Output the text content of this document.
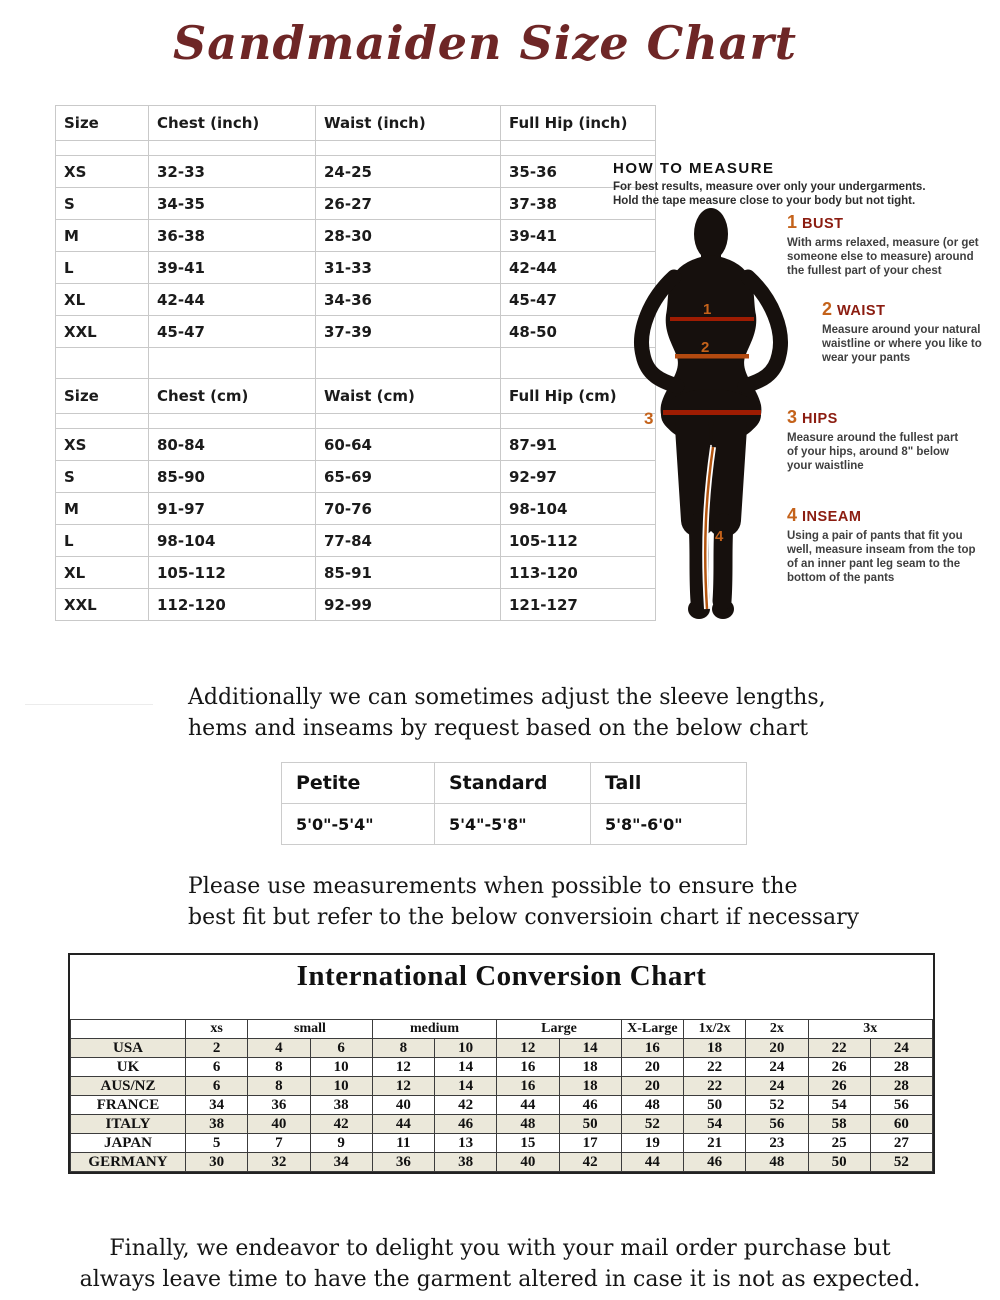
Sandmaiden Size Chart
Size	Chest (inch)	Waist (inch)	Full Hip (inch)

XS	32-33	24-25	35-36
S	34-35	26-27	37-38
M	36-38	28-30	39-41
L	39-41	31-33	42-44
XL	42-44	34-36	45-47
XXL	45-47	37-39	48-50

Size	Chest (cm)	Waist (cm)	Full Hip (cm)

XS	80-84	60-64	87-91
S	85-90	65-69	92-97
M	91-97	70-76	98-104
L	98-104	77-84	105-112
XL	105-112	85-91	113-120
XXL	112-120	92-99	121-127
HOW TO MEASURE
For best results, measure over only your undergarments.
Hold the tape measure close to your body but not tight.
1
2
3
4
1 BUST

With arms relaxed, measure (or get someone else to measure) around the fullest part of your chest

2 WAIST

Measure around your natural waistline or where you like to wear your pants

3 HIPS

Measure around the fullest part of your hips, around 8" below your waistline

4 INSEAM

Using a pair of pants that fit you well, measure inseam from the top of an inner pant leg seam to the bottom of the pants

Additionally we can sometimes adjust the sleeve lengths,
hems and inseams by request based on the below chart
Petite	Standard	Tall
5'0"-5'4"	5'4"-5'8"	5'8"-6'0"
Please use measurements when possible to ensure the
best fit but refer to the below conversioin chart if necessary
International Conversion Chart
	xs	small		medium		Large		X-Large	1x/2x	2x	3x	
USA	2	4	6	8	10	12	14	16	18	20	22	24
UK	6	8	10	12	14	16	18	20	22	24	26	28
AUS/NZ	6	8	10	12	14	16	18	20	22	24	26	28
FRANCE	34	36	38	40	42	44	46	48	50	52	54	56
ITALY	38	40	42	44	46	48	50	52	54	56	58	60
JAPAN	5	7	9	11	13	15	17	19	21	23	25	27
GERMANY	30	32	34	36	38	40	42	44	46	48	50	52
Finally, we endeavor to delight you with your mail order purchase but
always leave time to have the garment altered in case it is not as expected.
